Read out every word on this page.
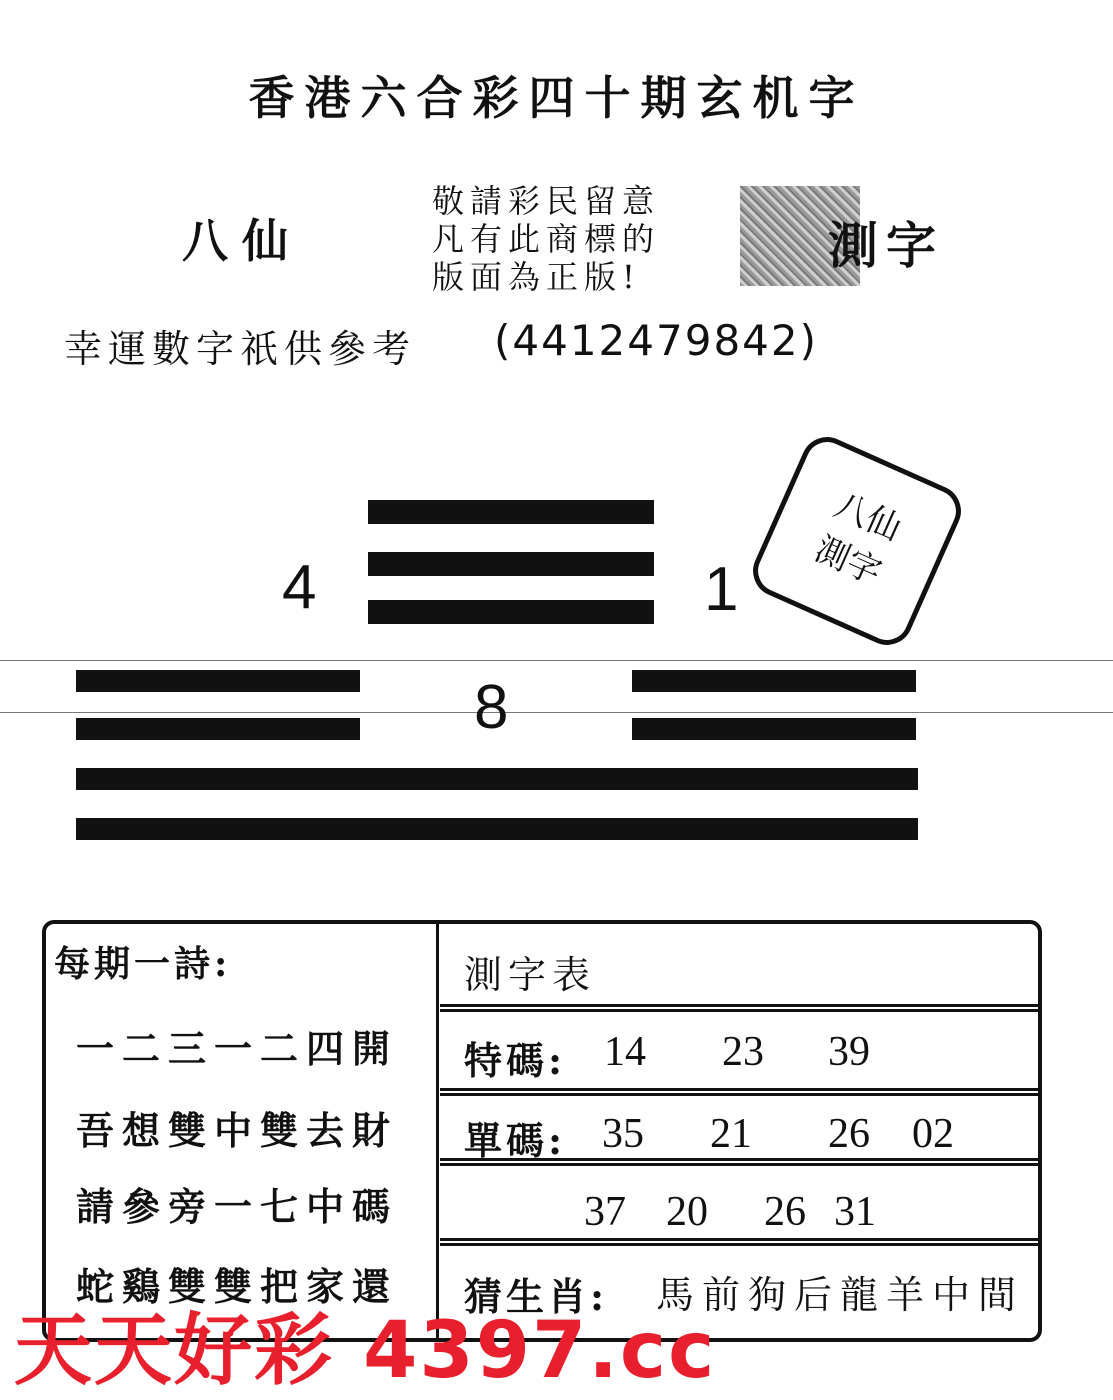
香港六合彩四十期玄机字
八仙
敬請彩民留意
凡有此商標的
版面為正版!
測字
幸運數字祇供參考 (4412479842)
4	1
八仙
測字
8
每期一詩:
一二三一二四開
吾想雙中雙去財
請參旁一七中碼
蛇鷄雙雙把家還
測字表
特碼: 14 23 39
單碼: 35 21 26 02
37 20 26 31
猜生肖: 馬前狗后龍羊中間
天天好彩 4397.cc
